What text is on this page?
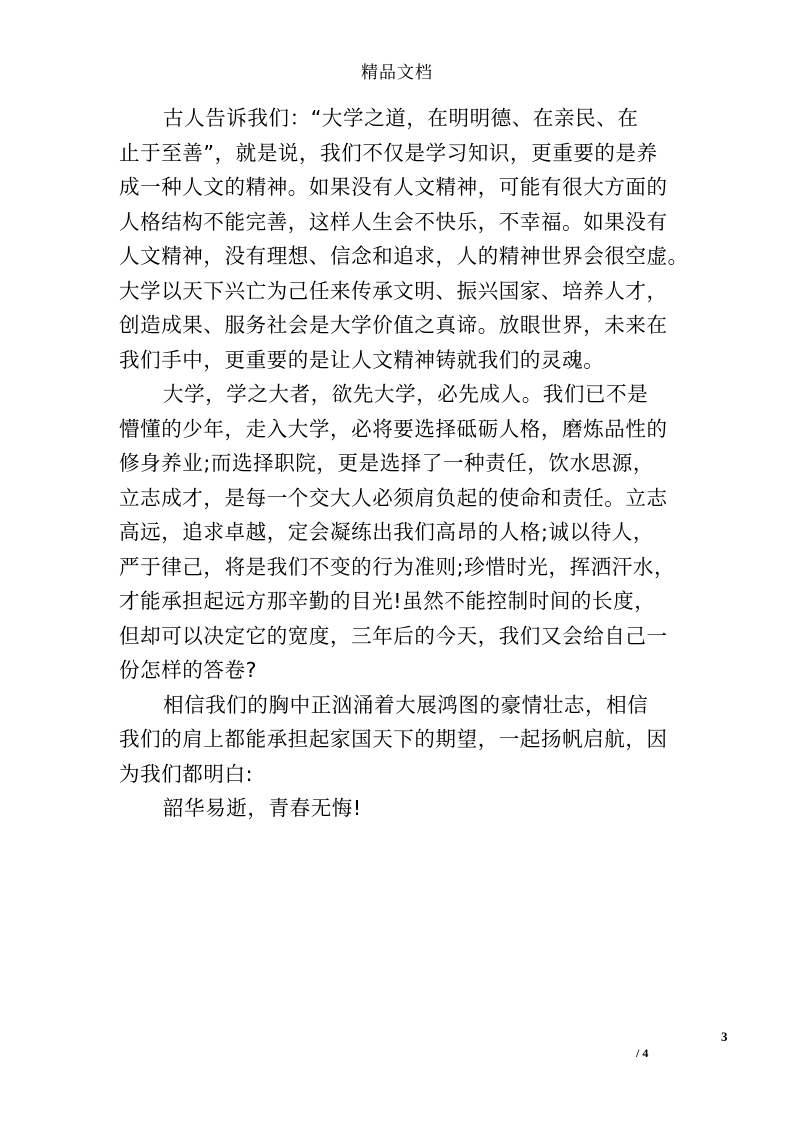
精品文档

古人告诉我们：“大学之道，在明明德、在亲民、在
止于至善”，就是说，我们不仅是学习知识，更重要的是养
成一种人文的精神。如果没有人文精神，可能有很大方面的
人格结构不能完善，这样人生会不快乐，不幸福。如果没有
人文精神，没有理想、信念和追求，人的精神世界会很空虚。
大学以天下兴亡为己任来传承文明、振兴国家、培养人才，
创造成果、服务社会是大学价值之真谛。放眼世界，未来在
我们手中，更重要的是让人文精神铸就我们的灵魂。

大学，学之大者，欲先大学，必先成人。我们已不是
懵懂的少年，走入大学，必将要选择砥砺人格，磨炼品性的
修身养业;而选择职院，更是选择了一种责任，饮水思源，
立志成才，是每一个交大人必须肩负起的使命和责任。立志
高远，追求卓越，定会凝练出我们高昂的人格;诚以待人，
严于律己，将是我们不变的行为准则;珍惜时光，挥洒汗水，
才能承担起远方那辛勤的目光!虽然不能控制时间的长度，
但却可以决定它的宽度，三年后的今天，我们又会给自己一
份怎样的答卷?

相信我们的胸中正汹涌着大展鸿图的豪情壮志，相信
我们的肩上都能承担起家国天下的期望，一起扬帆启航，因
为我们都明白:

韶华易逝，青春无悔!

3
/ 4
